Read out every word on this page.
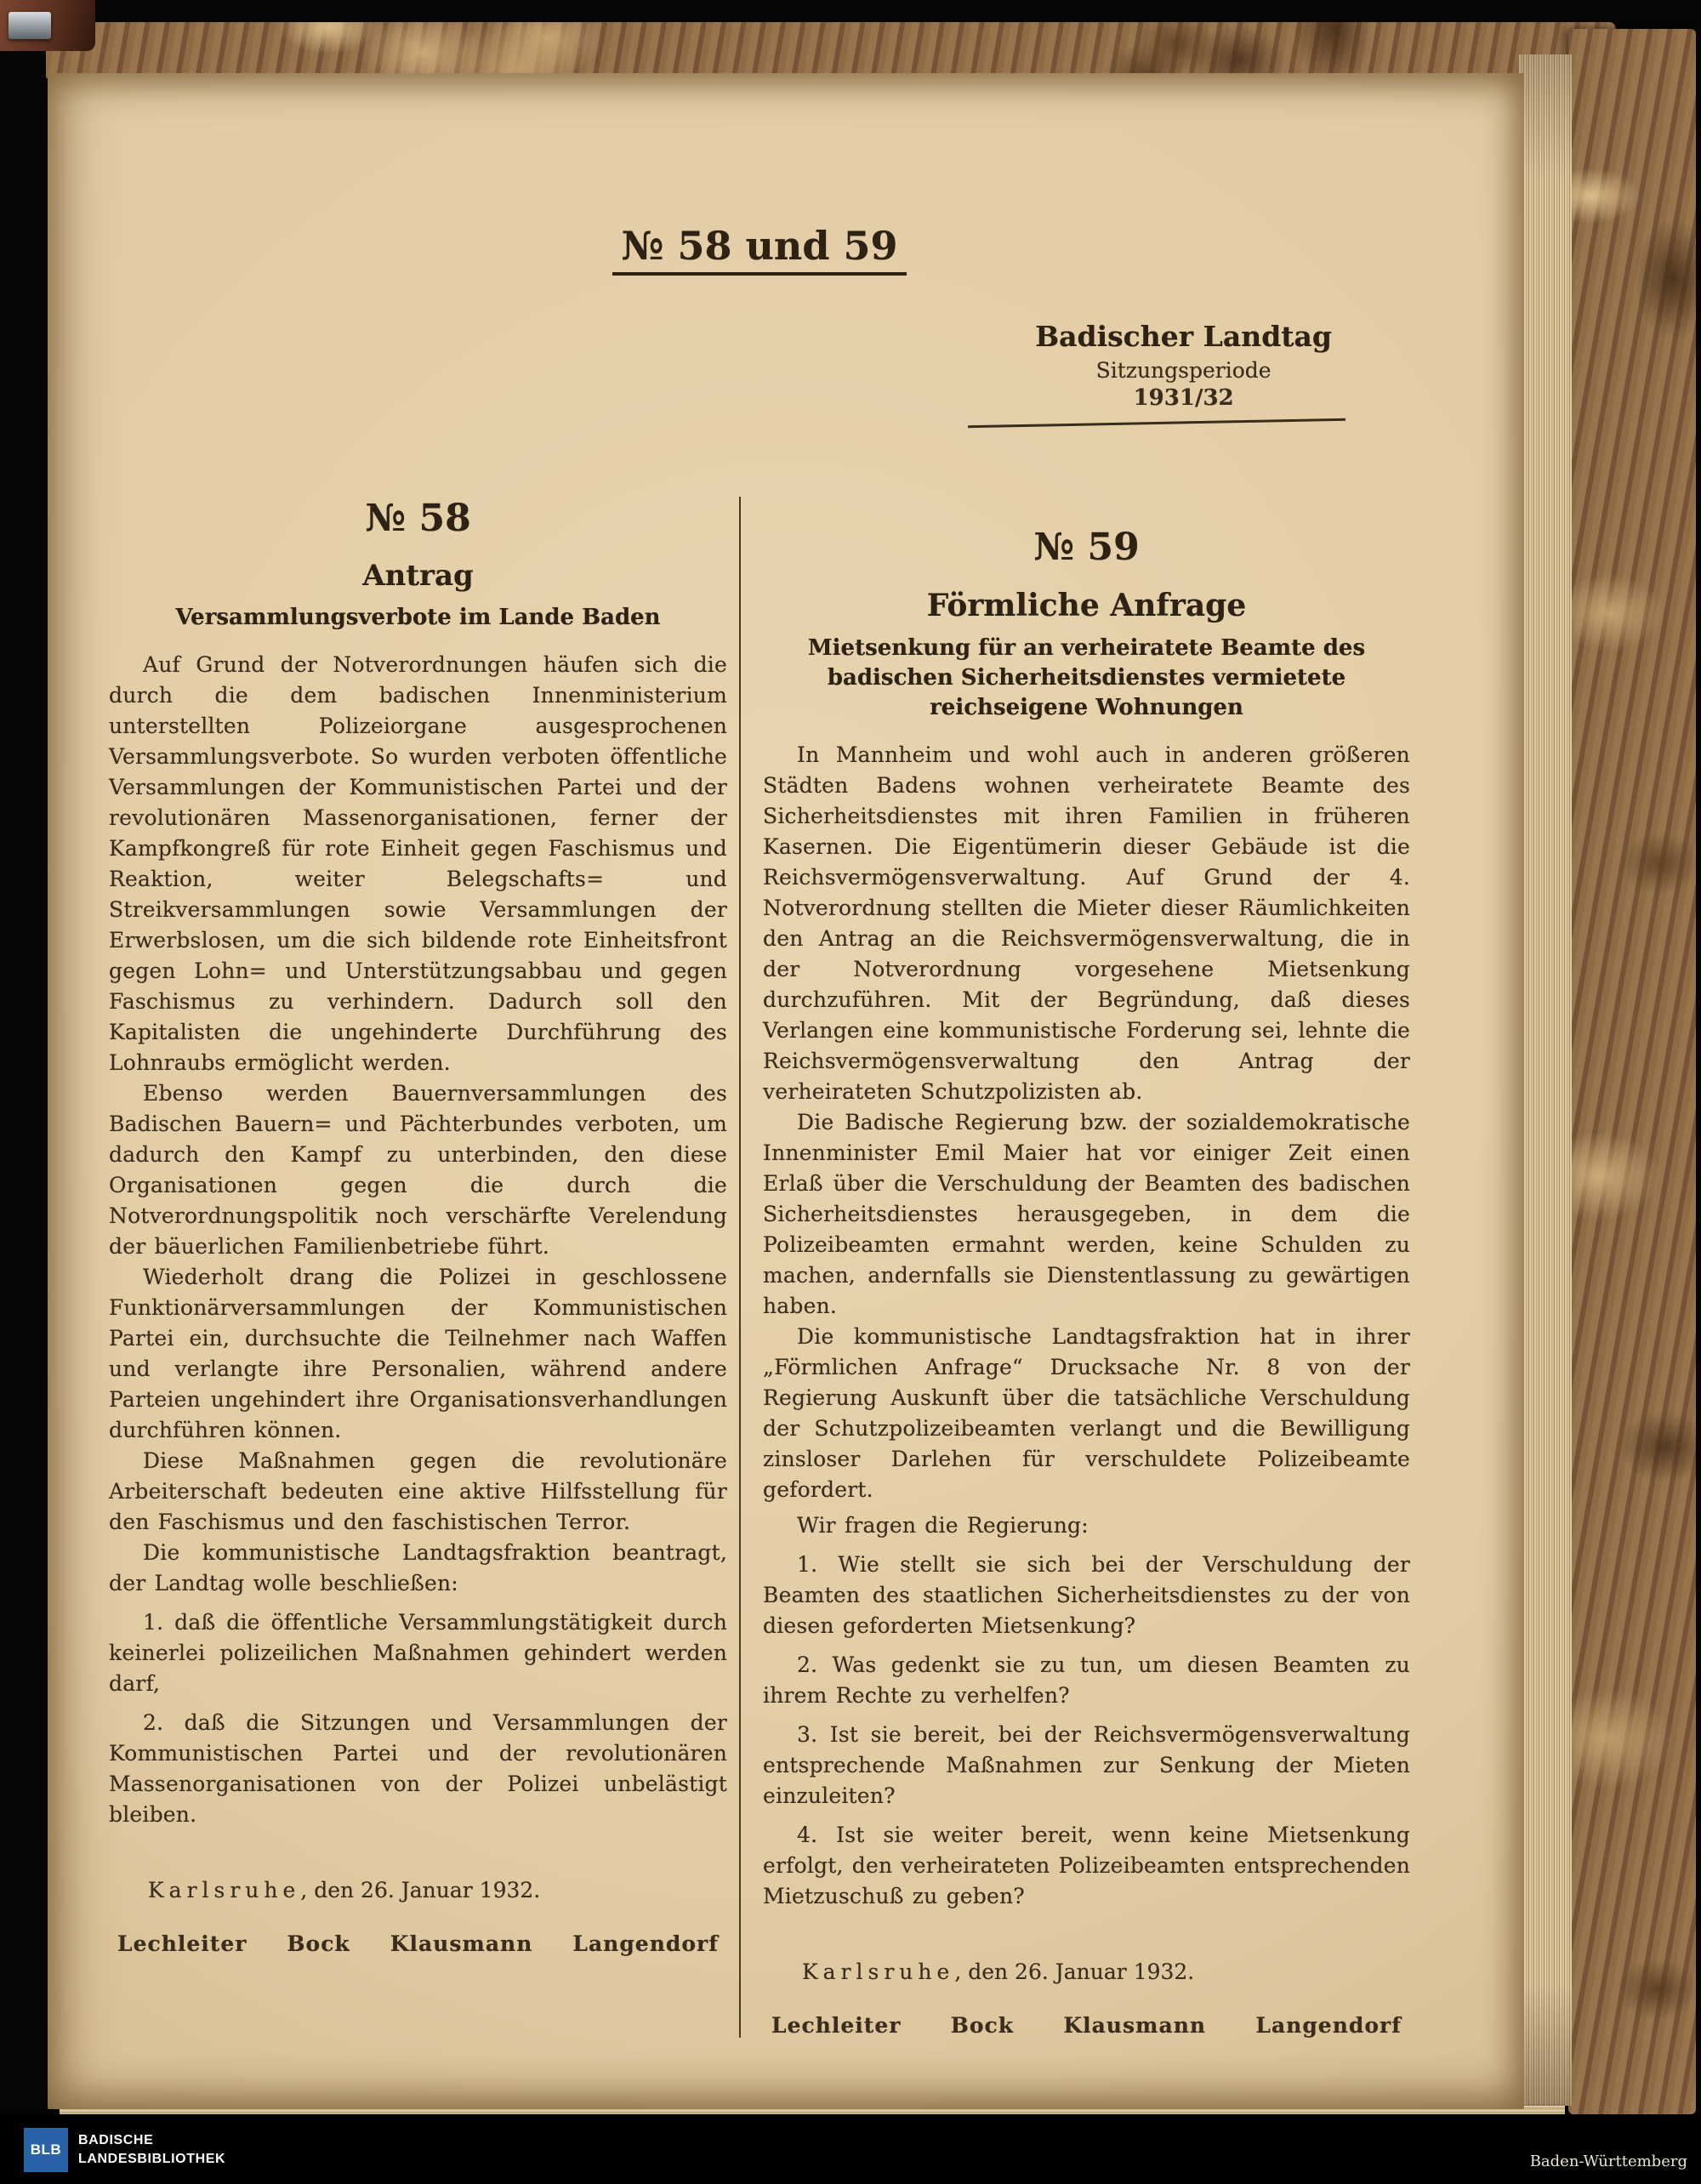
№ 58 und 59
Badischer Landtag
Sitzungsperiode
1931/32
№ 58
Antrag
Versammlungsverbote im Lande Baden

Auf Grund der Notverordnungen häufen sich die durch die dem badischen Innenministerium unterstellten Polizeiorgane ausgesprochenen Versammlungsverbote. So wurden verboten öffentliche Versammlungen der Kommunistischen Partei und der revolutionären Massenorganisationen, ferner der Kampfkongreß für rote Einheit gegen Faschismus und Reaktion, weiter Belegschafts= und Streikversammlungen sowie Versammlungen der Erwerbslosen, um die sich bildende rote Einheitsfront gegen Lohn= und Unterstützungsabbau und gegen Faschismus zu verhindern. Dadurch soll den Kapitalisten die ungehinderte Durchführung des Lohnraubs ermöglicht werden.

Ebenso werden Bauernversammlungen des Badischen Bauern= und Pächterbundes verboten, um dadurch den Kampf zu unterbinden, den diese Organisationen gegen die durch die Notverordnungspolitik noch verschärfte Verelendung der bäuerlichen Familienbetriebe führt.

Wiederholt drang die Polizei in geschlossene Funktionärversammlungen der Kommunistischen Partei ein, durchsuchte die Teilnehmer nach Waffen und verlangte ihre Personalien, während andere Parteien ungehindert ihre Organisationsverhandlungen durchführen können.

Diese Maßnahmen gegen die revolutionäre Arbeiterschaft bedeuten eine aktive Hilfsstellung für den Faschismus und den faschistischen Terror.

Die kommunistische Landtagsfraktion beantragt, der Landtag wolle beschließen:

1. daß die öffentliche Versammlungstätigkeit durch keinerlei polizeilichen Maßnahmen gehindert werden darf,

2. daß die Sitzungen und Versammlungen der Kommunistischen Partei und der revolutionären Massenorganisationen von der Polizei unbelästigt bleiben.

Karlsruhe, den 26. Januar 1932.
Lechleiter Bock Klausmann Langendorf
№ 59
Förmliche Anfrage
Mietsenkung für an verheiratete Beamte des badischen Sicherheitsdienstes vermietete reichseigene Wohnungen

In Mannheim und wohl auch in anderen größeren Städten Badens wohnen verheiratete Beamte des Sicherheitsdienstes mit ihren Familien in früheren Kasernen. Die Eigentümerin dieser Gebäude ist die Reichsvermögensverwaltung. Auf Grund der 4. Notverordnung stellten die Mieter dieser Räumlichkeiten den Antrag an die Reichsvermögensverwaltung, die in der Notverordnung vorgesehene Mietsenkung durchzuführen. Mit der Begründung, daß dieses Verlangen eine kommunistische Forderung sei, lehnte die Reichsvermögensverwaltung den Antrag der verheirateten Schutzpolizisten ab.

Die Badische Regierung bzw. der sozialdemokratische Innenminister Emil Maier hat vor einiger Zeit einen Erlaß über die Verschuldung der Beamten des badischen Sicherheitsdienstes herausgegeben, in dem die Polizeibeamten ermahnt werden, keine Schulden zu machen, andernfalls sie Dienstentlassung zu gewärtigen haben.

Die kommunistische Landtagsfraktion hat in ihrer „Förmlichen Anfrage“ Drucksache Nr. 8 von der Regierung Auskunft über die tatsächliche Verschuldung der Schutzpolizeibeamten verlangt und die Bewilligung zinsloser Darlehen für verschuldete Polizeibeamte gefordert.

Wir fragen die Regierung:

1. Wie stellt sie sich bei der Verschuldung der Beamten des staatlichen Sicherheitsdienstes zu der von diesen geforderten Mietsenkung?

2. Was gedenkt sie zu tun, um diesen Beamten zu ihrem Rechte zu verhelfen?

3. Ist sie bereit, bei der Reichsvermögensverwaltung entsprechende Maßnahmen zur Senkung der Mieten einzuleiten?

4. Ist sie weiter bereit, wenn keine Mietsenkung erfolgt, den verheirateten Polizeibeamten entsprechenden Mietzuschuß zu geben?

Karlsruhe, den 26. Januar 1932.
Lechleiter Bock Klausmann Langendorf
BLB
BADISCHE
LANDESBIBLIOTHEK	Baden-Württemberg
